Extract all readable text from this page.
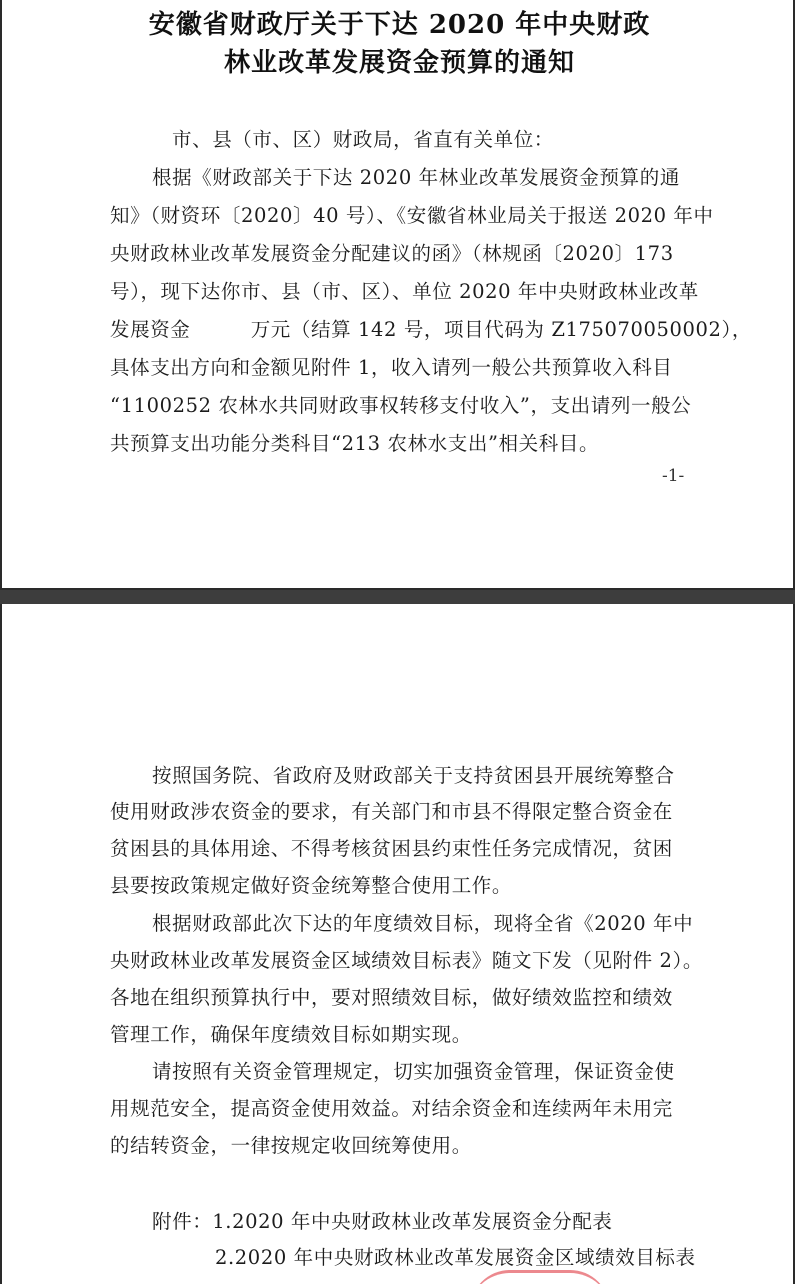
安徽省财政厅关于下达 2020 年中央财政
林业改革发展资金预算的通知
市、县（市、区）财政局，省直有关单位：
根据《财政部关于下达 2020 年林业改革发展资金预算的通
知》（财资环〔2020〕40 号）、《安徽省林业局关于报送 2020 年中
央财政林业改革发展资金分配建议的函》（林规函〔2020〕173
号），现下达你市、县（市、区）、单位 2020 年中央财政林业改革
发展资金　　　万元（结算 142 号，项目代码为 Z175070050002），
具体支出方向和金额见附件 1，收入请列一般公共预算收入科目
“1100252 农林水共同财政事权转移支付收入”，支出请列一般公
共预算支出功能分类科目“213 农林水支出”相关科目。
-1-
按照国务院、省政府及财政部关于支持贫困县开展统筹整合
使用财政涉农资金的要求，有关部门和市县不得限定整合资金在
贫困县的具体用途、不得考核贫困县约束性任务完成情况，贫困
县要按政策规定做好资金统筹整合使用工作。
根据财政部此次下达的年度绩效目标，现将全省《2020 年中
央财政林业改革发展资金区域绩效目标表》随文下发（见附件 2）。
各地在组织预算执行中，要对照绩效目标，做好绩效监控和绩效
管理工作，确保年度绩效目标如期实现。
请按照有关资金管理规定，切实加强资金管理，保证资金使
用规范安全，提高资金使用效益。对结余资金和连续两年未用完
的结转资金，一律按规定收回统筹使用。
附件：1.2020 年中央财政林业改革发展资金分配表
2.2020 年中央财政林业改革发展资金区域绩效目标表
